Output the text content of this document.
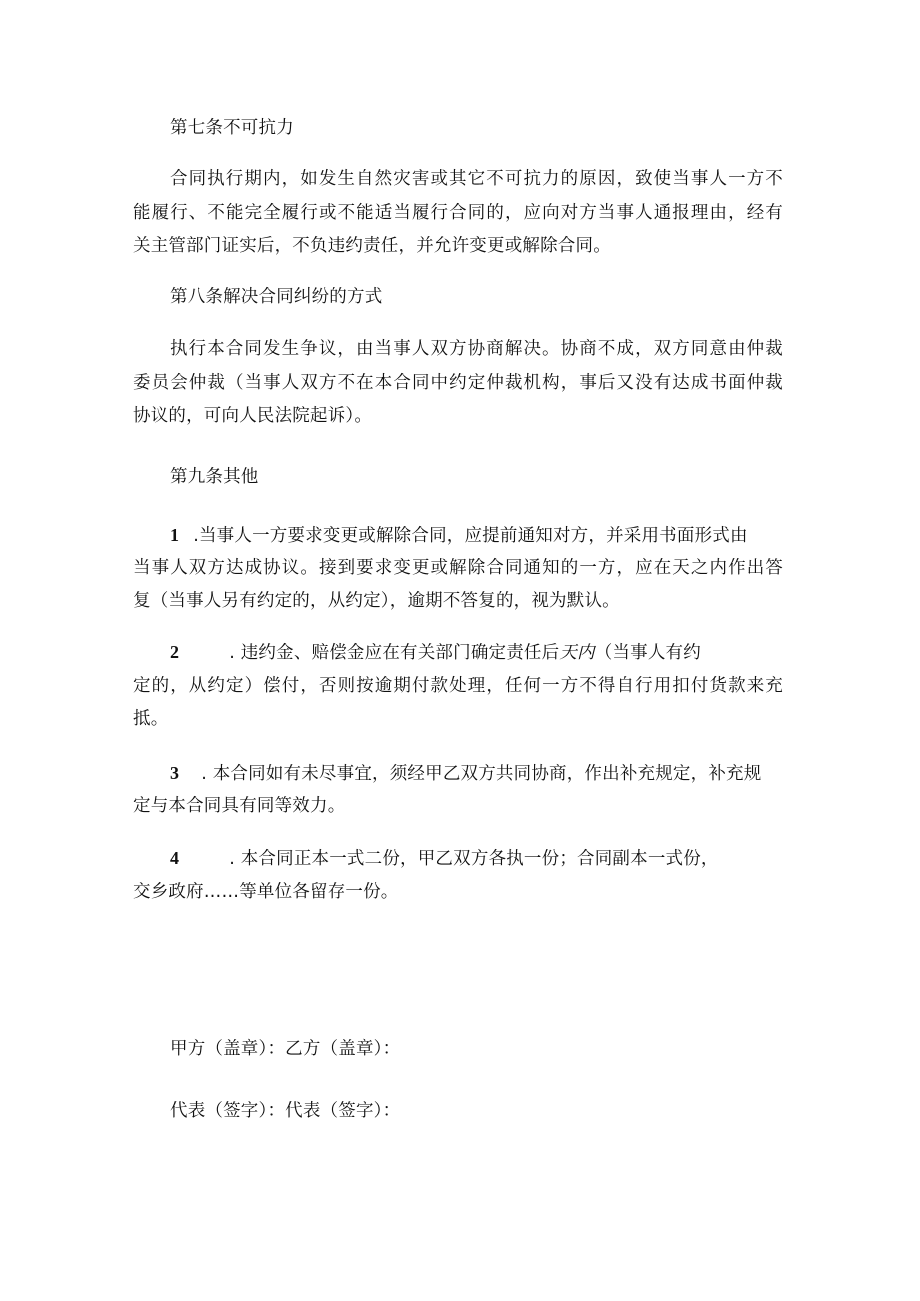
第七条不可抗力
合同执行期内，如发生自然灾害或其它不可抗力的原因，致使当事人一方不
能履行、不能完全履行或不能适当履行合同的，应向对方当事人通报理由，经有
关主管部门证实后，不负违约责任，并允许变更或解除合同。
第八条解决合同纠纷的方式
执行本合同发生争议，由当事人双方协商解决。协商不成，双方同意由仲裁
委员会仲裁（当事人双方不在本合同中约定仲裁机构，事后又没有达成书面仲裁
协议的，可向人民法院起诉）。
第九条其他
1 .当事人一方要求变更或解除合同，应提前通知对方，并采用书面形式由
当事人双方达成协议。接到要求变更或解除合同通知的一方，应在天之内作出答
复（当事人另有约定的，从约定），逾期不答复的，视为默认。
2	. 违约金、赔偿金应在有关部门确定责任后天内（当事人有约
定的，从约定）偿付，否则按逾期付款处理，任何一方不得自行用扣付货款来充
抵。
3 . 本合同如有未尽事宜，须经甲乙双方共同协商，作出补充规定，补充规
定与本合同具有同等效力。
4	. 本合同正本一式二份，甲乙双方各执一份；合同副本一式份，
交乡政府……等单位各留存一份。
甲方（盖章）：乙方（盖章）：
代表（签字）：代表（签字）：
